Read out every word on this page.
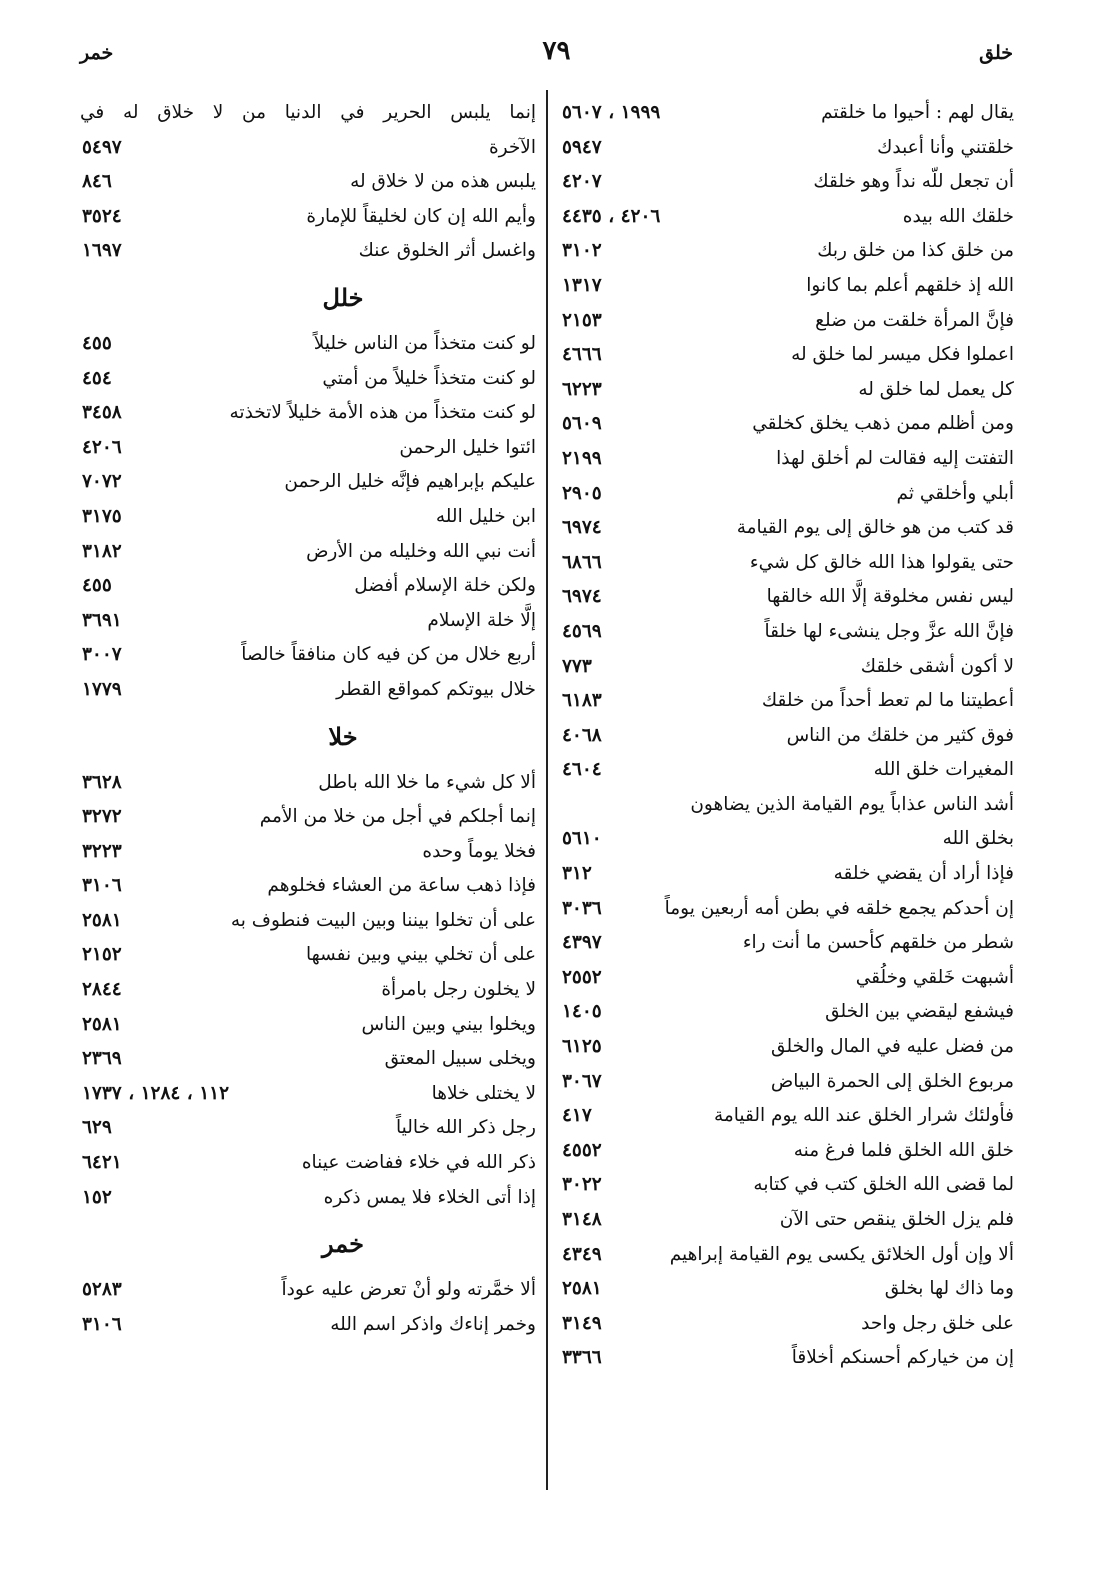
خلق
٧٩
خمر
يقال لهم : أحيوا ما خلقتم
١٩٩٩ ، ٥٦٠٧
خلقتني وأنا أعبدك
٥٩٤٧
أن تجعل للّه نداً وهو خلقك
٤٢٠٧
خلقك الله بيده
٤٢٠٦ ، ٤٤٣٥
من خلق كذا من خلق ربك
٣١٠٢
الله إذ خلقهم أعلم بما كانوا
١٣١٧
فإنَّ المرأة خلقت من ضلع
٢١٥٣
اعملوا فكل ميسر لما خلق له
٤٦٦٦
كل يعمل لما خلق له
٦٢٢٣
ومن أظلم ممن ذهب يخلق كخلقي
٥٦٠٩
التفتت إليه فقالت لم أخلق لهذا
٢١٩٩
أبلي وأخلقي ثم
٢٩٠٥
قد كتب من هو خالق إلى يوم القيامة
٦٩٧٤
حتى يقولوا هذا الله خالق كل شيء
٦٨٦٦
ليس نفس مخلوقة إلَّا الله خالقها
٦٩٧٤
فإنَّ الله عزَّ وجل ينشىء لها خلقاً
٤٥٦٩
لا أكون أشقى خلقك
٧٧٣
أعطيتنا ما لم تعط أحداً من خلقك
٦١٨٣
فوق كثير من خلقك من الناس
٤٠٦٨
المغيرات خلق الله
٤٦٠٤
أشد الناس عذاباً يوم القيامة الذين يضاهون
بخلق الله
٥٦١٠
فإذا أراد أن يقضي خلقه
٣١٢
إن أحدكم يجمع خلقه في بطن أمه أربعين يوماً
٣٠٣٦
شطر من خلقهم كأحسن ما أنت راء
٤٣٩٧
أشبهت خَلقي وخلُقي
٢٥٥٢
فيشفع ليقضي بين الخلق
١٤٠٥
من فضل عليه في المال والخلق
٦١٢٥
مربوع الخلق إلى الحمرة البياض
٣٠٦٧
فأولئك شرار الخلق عند الله يوم القيامة
٤١٧
خلق الله الخلق فلما فرغ منه
٤٥٥٢
لما قضى الله الخلق كتب في كتابه
٣٠٢٢
فلم يزل الخلق ينقص حتى الآن
٣١٤٨
ألا وإن أول الخلائق يكسى يوم القيامة إبراهيم
٤٣٤٩
وما ذاك لها بخلق
٢٥٨١
على خلق رجل واحد
٣١٤٩
إن من خياركم أحسنكم أخلاقاً
٣٣٦٦
إنما يلبس الحرير في الدنيا من لا خلاق له في
الآخرة
٥٤٩٧
يلبس هذه من لا خلاق له
٨٤٦
وأيم الله إن كان لخليقاً للإمارة
٣٥٢٤
واغسل أثر الخلوق عنك
١٦٩٧
خلل
لو كنت متخذاً من الناس خليلاً
٤٥٥
لو كنت متخذاً خليلاً من أمتي
٤٥٤
لو كنت متخذاً من هذه الأمة خليلاً لاتخذته
٣٤٥٨
ائتوا خليل الرحمن
٤٢٠٦
عليكم بإبراهيم فإنَّه خليل الرحمن
٧٠٧٢
ابن خليل الله
٣١٧٥
أنت نبي الله وخليله من الأرض
٣١٨٢
ولكن خلة الإسلام أفضل
٤٥٥
إلَّا خلة الإسلام
٣٦٩١
أربع خلال من كن فيه كان منافقاً خالصاً
٣٠٠٧
خلال بيوتكم كمواقع القطر
١٧٧٩
خلا
ألا كل شيء ما خلا الله باطل
٣٦٢٨
إنما أجلكم في أجل من خلا من الأمم
٣٢٧٢
فخلا يوماً وحده
٣٢٢٣
فإذا ذهب ساعة من العشاء فخلوهم
٣١٠٦
على أن تخلوا بيننا وبين البيت فنطوف به
٢٥٨١
على أن تخلي بيني وبين نفسها
٢١٥٢
لا يخلون رجل بامرأة
٢٨٤٤
ويخلوا بيني وبين الناس
٢٥٨١
ويخلى سبيل المعتق
٢٣٦٩
لا يختلى خلاها
١١٢ ، ١٢٨٤ ، ١٧٣٧
رجل ذكر الله خالياً
٦٢٩
ذكر الله في خلاء ففاضت عيناه
٦٤٢١
إذا أتى الخلاء فلا يمس ذكره
١٥٢
خمر
ألا خمَّرته ولو أنْ تعرض عليه عوداً
٥٢٨٣
وخمر إناءك واذكر اسم الله
٣١٠٦
